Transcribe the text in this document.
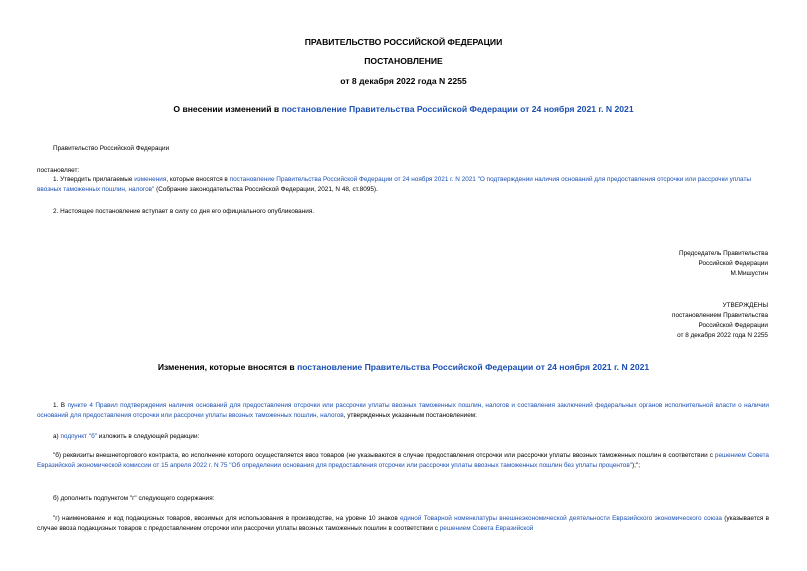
ПРАВИТЕЛЬСТВО РОССИЙСКОЙ ФЕДЕРАЦИИ
ПОСТАНОВЛЕНИЕ
от 8 декабря 2022 года N 2255
О внесении изменений в постановление Правительства Российской Федерации от 24 ноября 2021 г. N 2021
Правительство Российской Федерации
постановляет:
1. Утвердить прилагаемые изменения, которые вносятся в постановление Правительства Российской Федерации от 24 ноября 2021 г. N 2021 "О подтверждении наличия оснований для предоставления отсрочки или рассрочки уплаты ввозных таможенных пошлин, налогов" (Собрание законодательства Российской Федерации, 2021, N 48, ст.8095).
2. Настоящее постановление вступает в силу со дня его официального опубликования.
Председатель Правительства
Российской Федерации
М.Мишустин
УТВЕРЖДЕНЫ
постановлением Правительства
Российской Федерации
от 8 декабря 2022 года N 2255
Изменения, которые вносятся в постановление Правительства Российской Федерации от 24 ноября 2021 г. N 2021
1. В пункте 4 Правил подтверждения наличия оснований для предоставления отсрочки или рассрочки уплаты ввозных таможенных пошлин, налогов и составления заключений федеральных органов исполнительной власти о наличии оснований для предоставления отсрочки или рассрочки уплаты ввозных таможенных пошлин, налогов, утвержденных указанным постановлением:
а) подпункт "б" изложить в следующей редакции:
"б) реквизиты внешнеторгового контракта, во исполнение которого осуществляется ввоз товаров (не указываются в случае предоставления отсрочки или рассрочки уплаты ввозных таможенных пошлин в соответствии с решением Совета Евразийской экономической комиссии от 15 апреля 2022 г. N 75 "Об определении основания для предоставления отсрочки или рассрочки уплаты ввозных таможенных пошлин без уплаты процентов");";
б) дополнить подпунктом "г" следующего содержания:
"г) наименование и код подакцизных товаров, ввозимых для использования в производстве, на уровне 10 знаков единой Товарной номенклатуры внешнеэкономической деятельности Евразийского экономического союза (указывается в случае ввоза подакцизных товаров с предоставлением отсрочки или рассрочки уплаты ввозных таможенных пошлин в соответствии с решением Совета Евразийской
